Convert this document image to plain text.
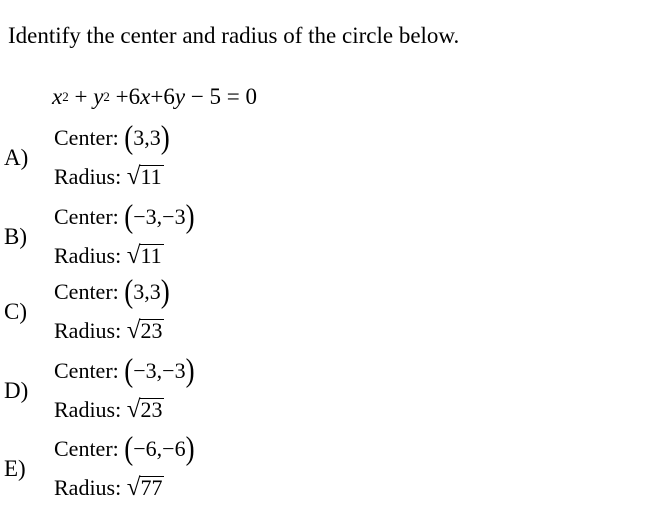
Identify the center and radius of the circle below.
$x^2 + y^2 +6x+6y - 5 = 0$
A)
Center: (3,3)
Radius: √11
B)
Center: (−3,−3)
Radius: √11
C)
Center: (3,3)
Radius: √23
D)
Center: (−3,−3)
Radius: √23
E)
Center: (−6,−6)
Radius: √77
